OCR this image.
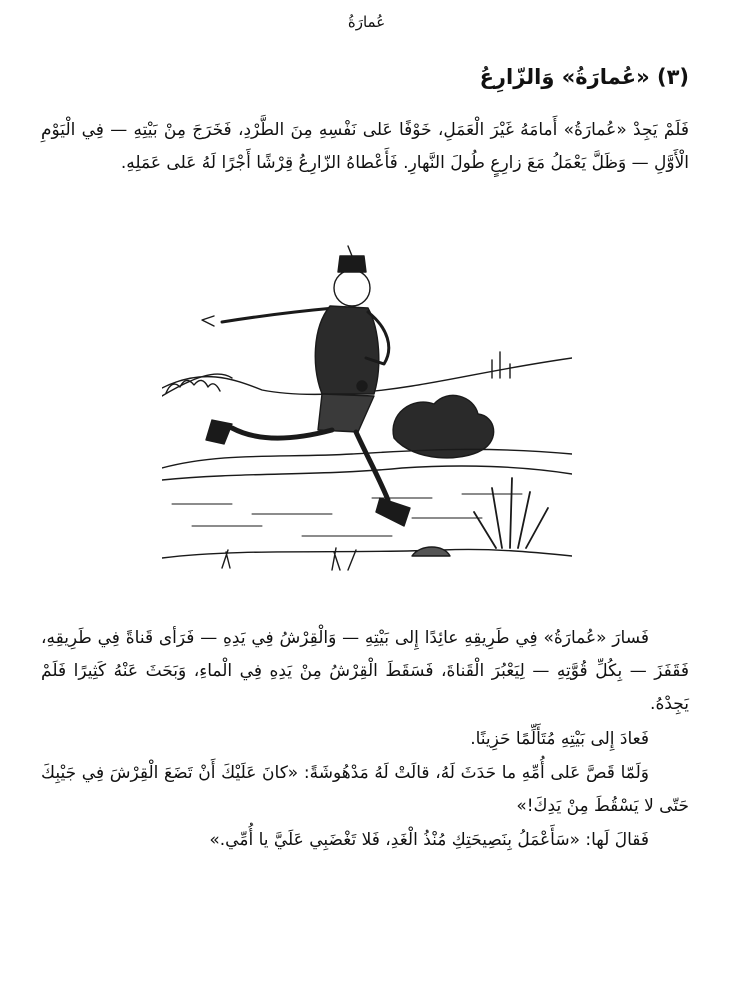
عُمارَةُ
(٣) «عُمارَةُ» وَالزّارِعُ

فَلَمْ يَجِدْ «عُمارَةُ» أَمامَهُ غَيْرَ الْعَمَلِ، خَوْفًا عَلى نَفْسِهِ مِنَ الطَّرْدِ، فَخَرَجَ مِنْ بَيْتِهِ — فِي الْيَوْمِ الْأَوَّلِ — وَظَلَّ يَعْمَلُ مَعَ زارِعٍ طُولَ النَّهارِ. فَأَعْطاهُ الزّارِعُ قِرْشًا أَجْرًا لَهُ عَلى عَمَلِهِ.

فَسارَ «عُمارَةُ» فِي طَرِيقِهِ عائِدًا إِلى بَيْتِهِ — وَالْقِرْشُ فِي يَدِهِ — فَرَأى قَناةً فِي طَرِيقِهِ، فَقَفَزَ — بِكُلِّ قُوَّتِهِ — لِيَعْبُرَ الْقَناةَ، فَسَقَطَ الْقِرْشُ مِنْ يَدِهِ فِي الْماءِ، وَبَحَثَ عَنْهُ كَثِيرًا فَلَمْ يَجِدْهُ.

فَعادَ إِلى بَيْتِهِ مُتَأَلِّمًا حَزِينًا.

وَلَمّا قَصَّ عَلى أُمِّهِ ما حَدَثَ لَهُ، قالَتْ لَهُ مَدْهُوشَةً: «كانَ عَلَيْكَ أَنْ تَضَعَ الْقِرْشَ فِي جَيْبِكَ حَتّى لا يَسْقُطَ مِنْ يَدِكَ!»

فَقالَ لَها: «سَأَعْمَلُ بِنَصِيحَتِكِ مُنْذُ الْغَدِ، فَلا تَغْضَبِي عَلَيَّ يا أُمِّي.»
